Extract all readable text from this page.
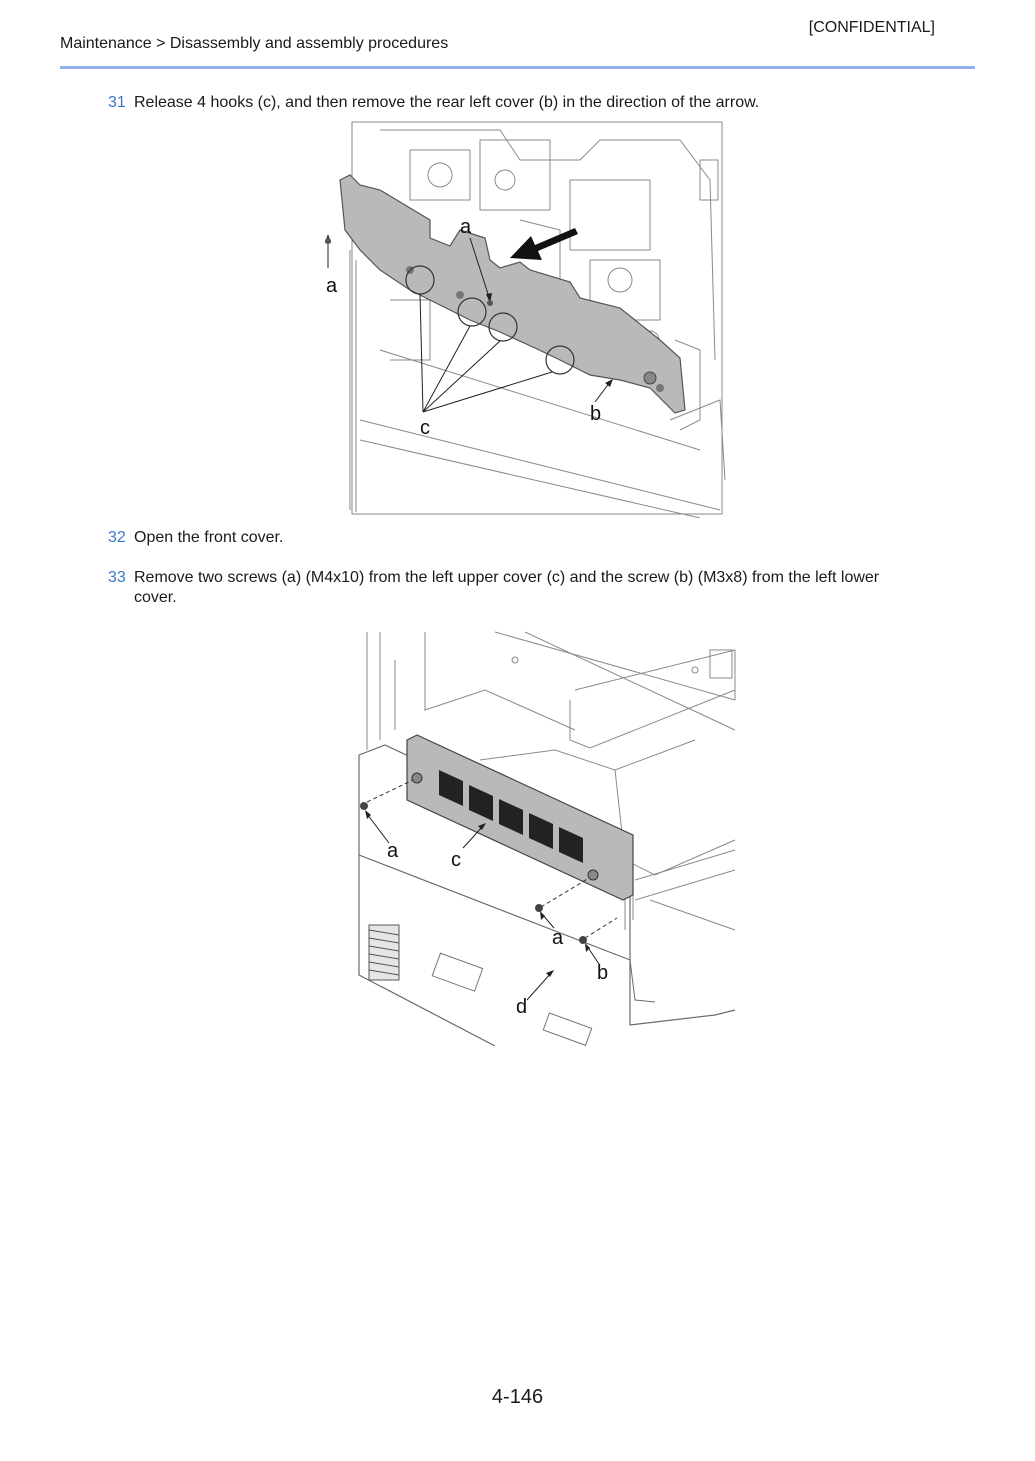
[CONFIDENTIAL]
Maintenance > Disassembly and assembly procedures
31 Release 4 hooks (c), and then remove the rear left cover (b) in the direction of the arrow.
a
a
b
c
32 Open the front cover.
33 Remove two screws (a) (M4x10) from the left upper cover (c) and the screw (b) (M3x8) from the left lower
cover.
a	c
a
b
d
4-146
